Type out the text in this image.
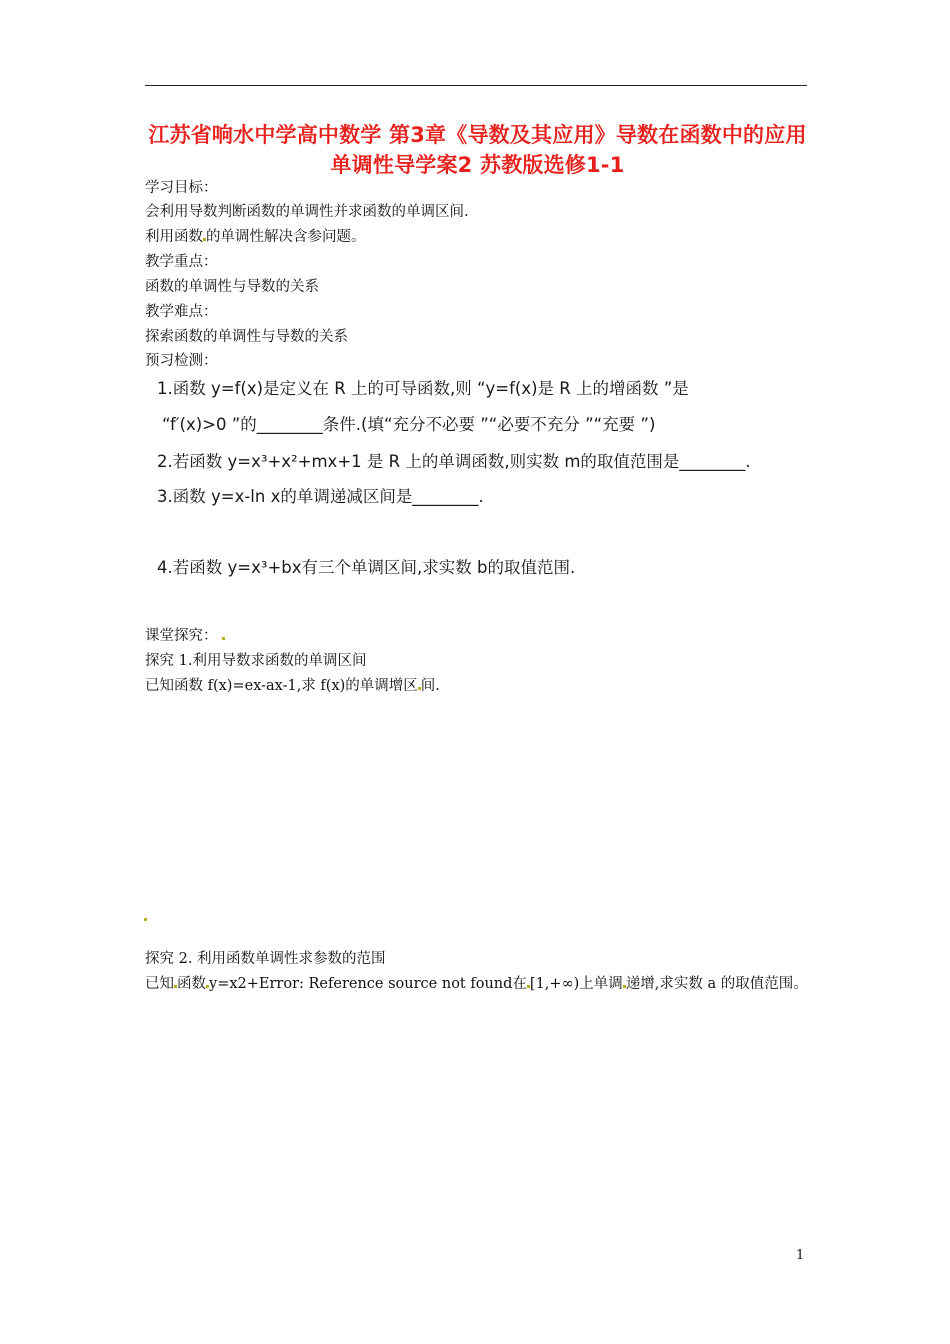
江苏省响水中学高中数学 第3章《导数及其应用》导数在函数中的应用 单调性导学案2 苏教版选修1-1
学习目标：
会利用导数判断函数的单调性并求函数的单调区间.
利用函数 的单调性解决含参问题。
教学重点：
函数的单调性与导数的关系
教学难点：
探索函数的单调性与导数的关系
预习检测：
1.函数 y=f(x)是定义在 R 上的可导函数,则 “y=f(x)是 R 上的增函数 ”是
“f′(x)>0 ”的________条件.(填“充分不必要 ”“必要不充分 ”“充要 ”)
2.若函数 y=x³+x²+mx+1 是 R 上的单调函数,则实数 m的取值范围是________.
3.函数 y=x-ln x的单调递减区间是________.
4.若函数 y=x³+bx有三个单调区间,求实数 b的取值范围.
课堂探究：
探究 1.利用导数求函数的单调区间
已知函数 f(x)=ex-ax-1,求 f(x)的单调增区 间.
探究 2. 利用函数单调性求参数的范围
已知 函数 y=x2+Error: Reference source not found在 [1,+∞)上单调 递增,求实数 a 的取值范围。
1
